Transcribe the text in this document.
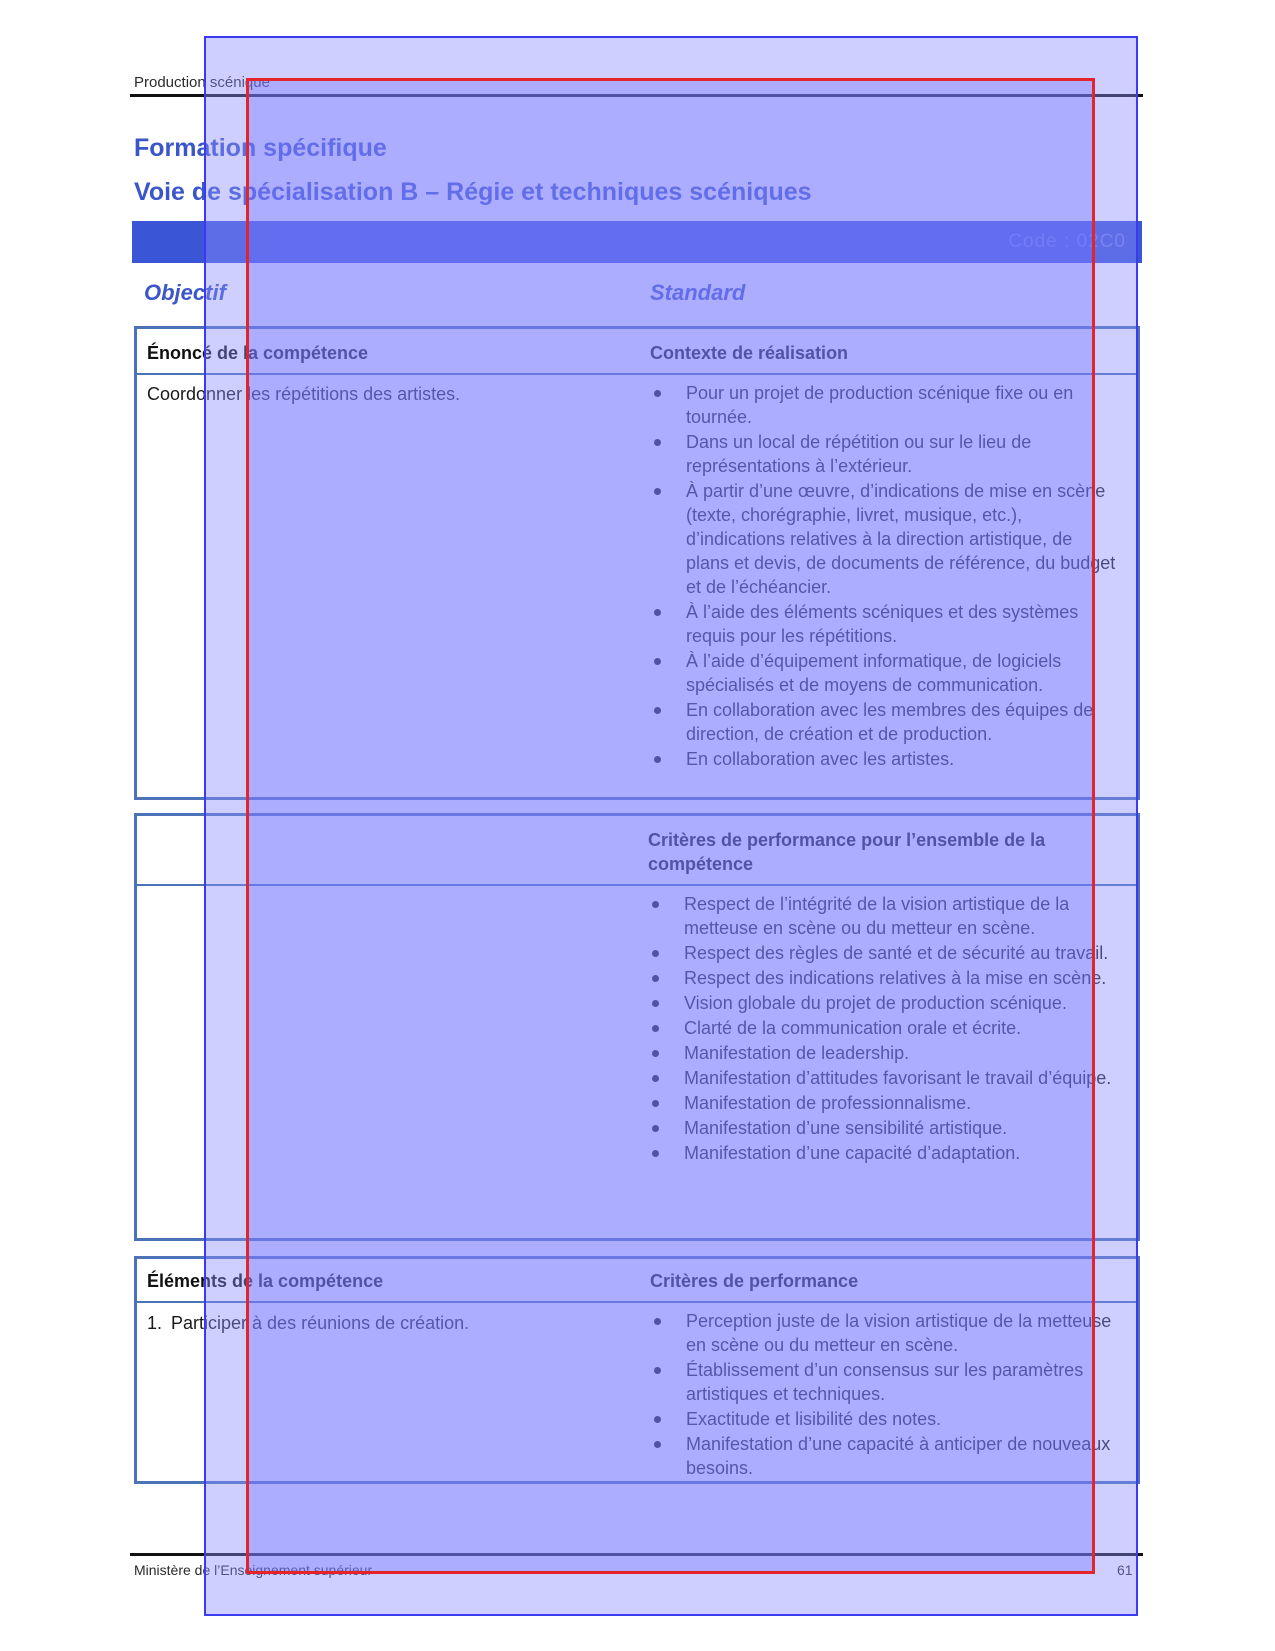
Production scénique
Formation spécifique
Voie de spécialisation B – Régie et techniques scéniques
Code : 02C0
Objectif	Standard
Énoncé de la compétence	Contexte de réalisation
Coordonner les répétitions des artistes.	Pour un projet de production scénique fixe ou en tournée.
Dans un local de répétition ou sur le lieu de représentations à l’extérieur.
À partir d’une œuvre, d’indications de mise en scène (texte, chorégraphie, livret, musique, etc.), d’indications relatives à la direction artistique, de plans et devis, de documents de référence, du budget et de l’échéancier.
À l’aide des éléments scéniques et des systèmes requis pour les répétitions.
À l’aide d’équipement informatique, de logiciels spécialisés et de moyens de communication.
En collaboration avec les membres des équipes de direction, de création et de production.
En collaboration avec les artistes.
Critères de performance pour l’ensemble de la compétence
Respect de l’intégrité de la vision artistique de la metteuse en scène ou du metteur en scène.
Respect des règles de santé et de sécurité au travail.
Respect des indications relatives à la mise en scène.
Vision globale du projet de production scénique.
Clarté de la communication orale et écrite.
Manifestation de leadership.
Manifestation d’attitudes favorisant le travail d’équipe.
Manifestation de professionnalisme.
Manifestation d’une sensibilité artistique.
Manifestation d’une capacité d’adaptation.
Éléments de la compétence	Critères de performance
1. Participer à des réunions de création.	Perception juste de la vision artistique de la metteuse en scène ou du metteur en scène.
Établissement d’un consensus sur les paramètres artistiques et techniques.
Exactitude et lisibilité des notes.
Manifestation d’une capacité à anticiper de nouveaux besoins.
Ministère de l’Enseignement supérieur	61
